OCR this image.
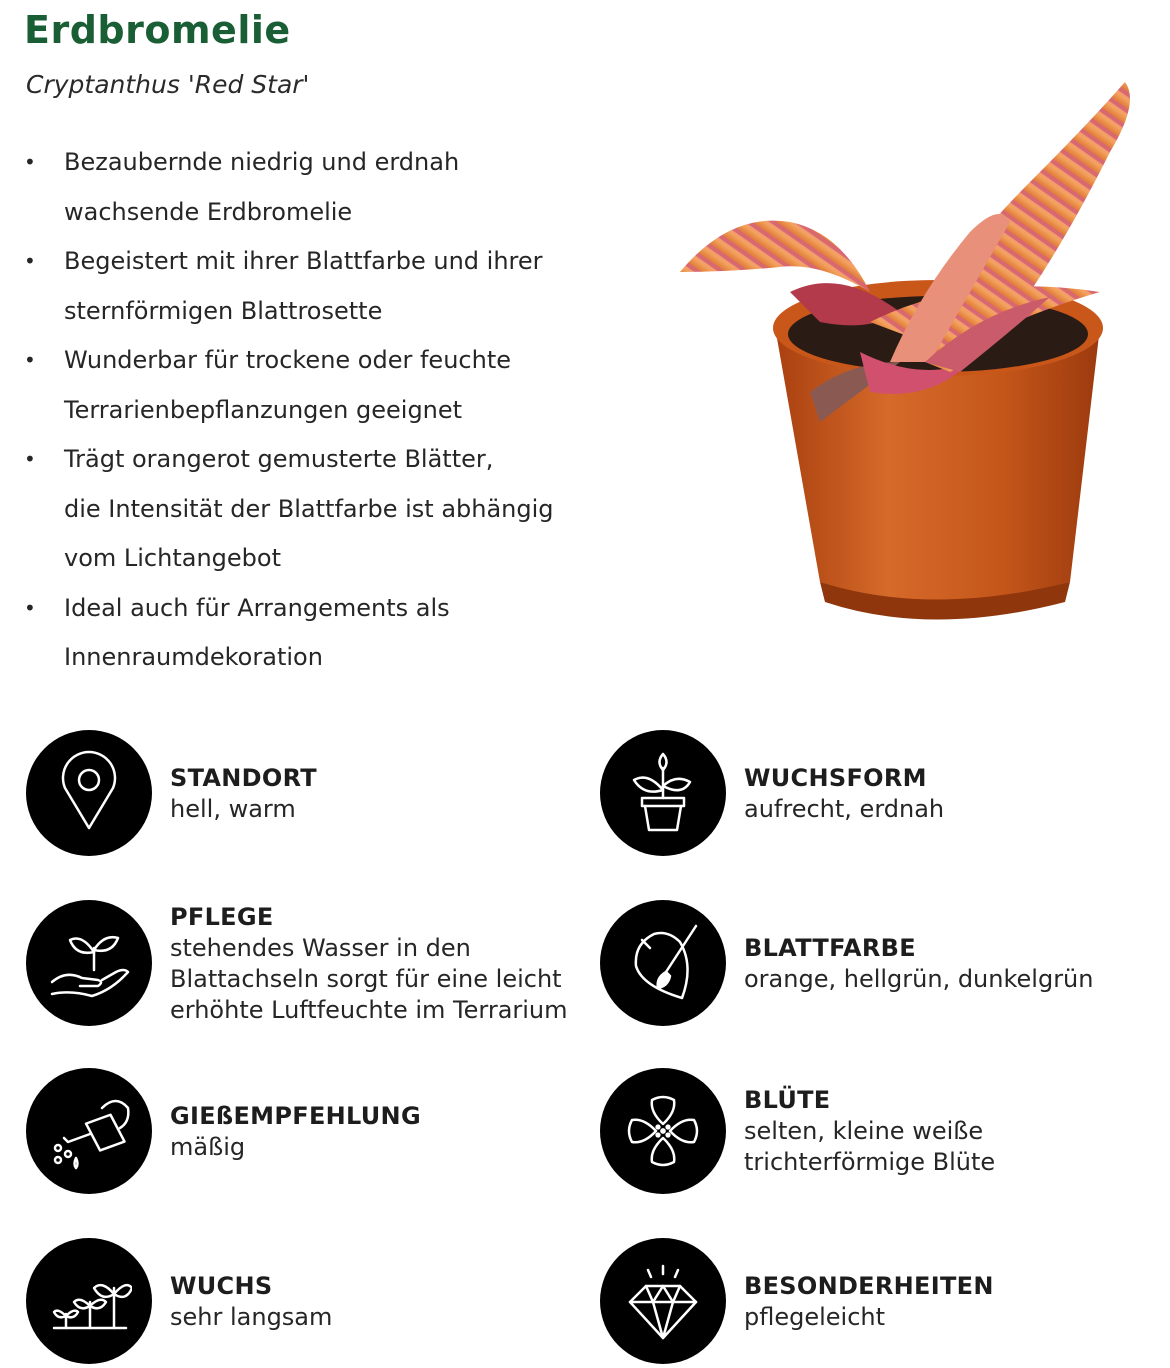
Erdbromelie
Cryptanthus 'Red Star'
• Bezaubernde niedrig und erdnah
wachsende Erdbromelie
• Begeistert mit ihrer Blattfarbe und ihrer
sternförmigen Blattrosette
• Wunderbar für trockene oder feuchte
Terrarienbepflanzungen geeignet
• Trägt orangerot gemusterte Blätter,
die Intensität der Blattfarbe ist abhängig
vom Lichtangebot
• Ideal auch für Arrangements als
Innenraumdekoration
STANDORT
hell, warm
WUCHSFORM
aufrecht, erdnah
PFLEGE
stehendes Wasser in den
Blattachseln sorgt für eine leicht
erhöhte Luftfeuchte im Terrarium
BLATTFARBE
orange, hellgrün, dunkelgrün
GIEßEMPFEHLUNG
mäßig
BLÜTE
selten, kleine weiße
trichterförmige Blüte
WUCHS
sehr langsam
BESONDERHEITEN
pflegeleicht
